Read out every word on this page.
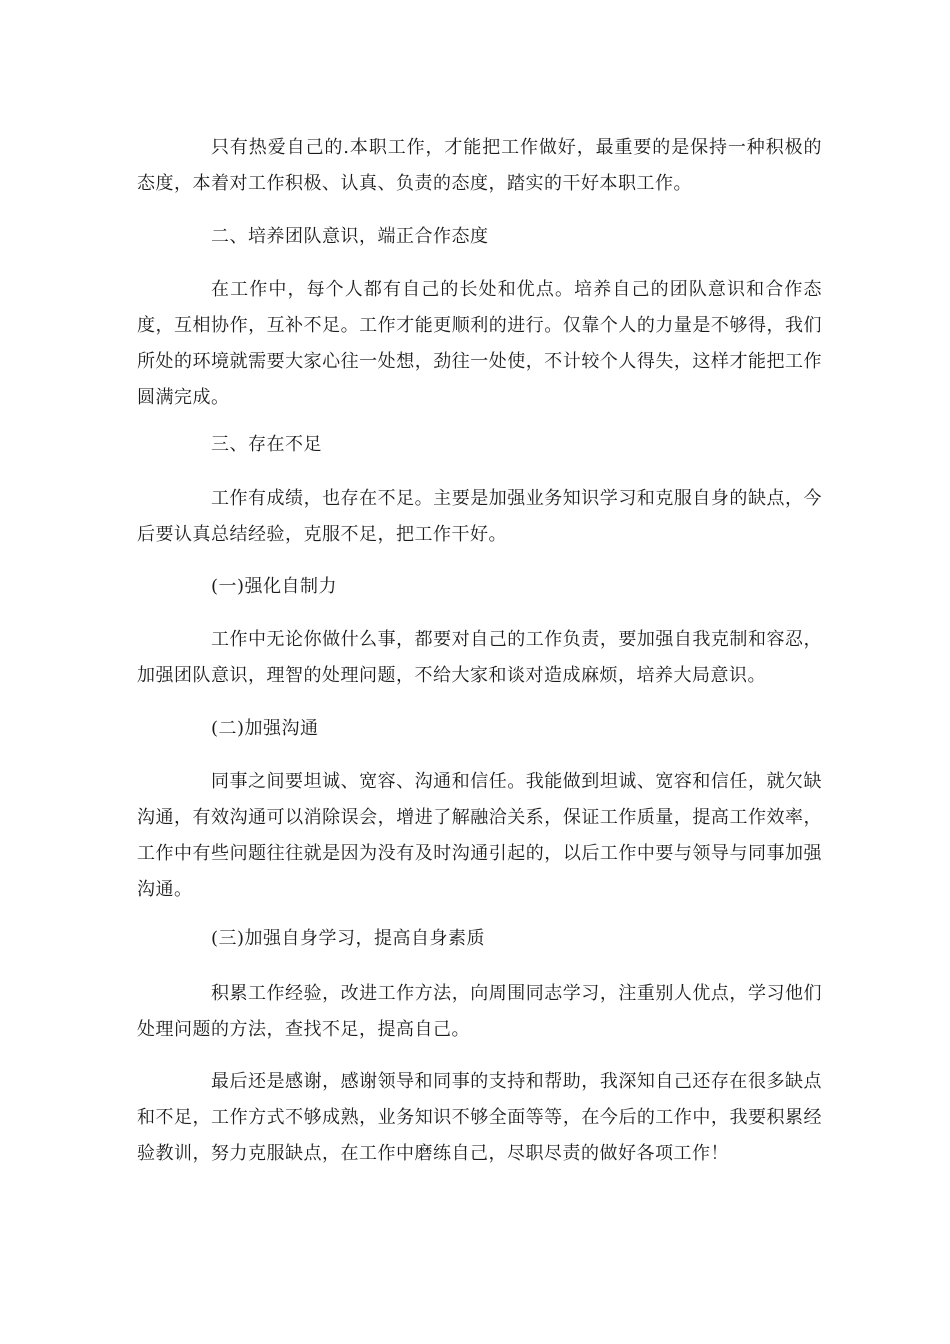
只有热爱自己的.本职工作，才能把工作做好，最重要的是保持一种积极的态度，本着对工作积极、认真、负责的态度，踏实的干好本职工作。

二、培养团队意识，端正合作态度

在工作中，每个人都有自己的长处和优点。培养自己的团队意识和合作态度，互相协作，互补不足。工作才能更顺利的进行。仅靠个人的力量是不够得，我们所处的环境就需要大家心往一处想，劲往一处使，不计较个人得失，这样才能把工作圆满完成。

三、存在不足

工作有成绩，也存在不足。主要是加强业务知识学习和克服自身的缺点，今后要认真总结经验，克服不足，把工作干好。

(一)强化自制力

工作中无论你做什么事，都要对自己的工作负责，要加强自我克制和容忍，加强团队意识，理智的处理问题，不给大家和谈对造成麻烦，培养大局意识。

(二)加强沟通

同事之间要坦诚、宽容、沟通和信任。我能做到坦诚、宽容和信任，就欠缺沟通，有效沟通可以消除误会，增进了解融洽关系，保证工作质量，提高工作效率，工作中有些问题往往就是因为没有及时沟通引起的，以后工作中要与领导与同事加强沟通。

(三)加强自身学习，提高自身素质

积累工作经验，改进工作方法，向周围同志学习，注重别人优点，学习他们处理问题的方法，查找不足，提高自己。

最后还是感谢，感谢领导和同事的支持和帮助，我深知自己还存在很多缺点和不足，工作方式不够成熟，业务知识不够全面等等，在今后的工作中，我要积累经验教训，努力克服缺点，在工作中磨练自己，尽职尽责的做好各项工作！
